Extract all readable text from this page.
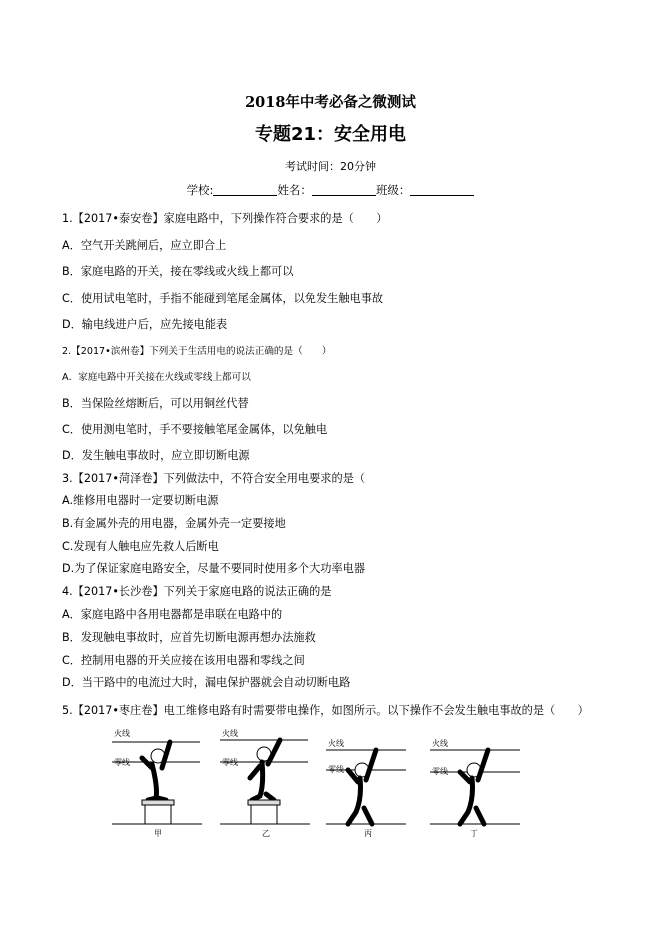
2018年中考必备之微测试
专题21：安全用电
考试时间：20分钟
学校:	姓名：	班级：
1.【2017•泰安卷】家庭电路中，下列操作符合要求的是（　　）
A．空气开关跳闸后，应立即合上
B．家庭电路的开关，接在零线或火线上都可以
C．使用试电笔时，手指不能碰到笔尾金属体，以免发生触电事故
D．输电线进户后，应先接电能表
2.【2017•滨州卷】下列关于生活用电的说法正确的是（　　）
A．家庭电路中开关接在火线或零线上都可以
B．当保险丝熔断后，可以用铜丝代替
C．使用测电笔时，手不要接触笔尾金属体，以免触电
D．发生触电事故时，应立即切断电源
3.【2017•菏泽卷】下列做法中，不符合安全用电要求的是（
A.维修用电器时一定要切断电源
B.有金属外壳的用电器，金属外壳一定要接地
C.发现有人触电应先救人后断电
D.为了保证家庭电路安全，尽量不要同时使用多个大功率电器
4.【2017•长沙卷】下列关于家庭电路的说法正确的是
A．家庭电路中各用电器都是串联在电路中的
B．发现触电事故时，应首先切断电源再想办法施救
C．控制用电器的开关应接在该用电器和零线之间
D．当干路中的电流过大时，漏电保护器就会自动切断电路
5.【2017•枣庄卷】电工维修电路有时需要带电操作，如图所示。以下操作不会发生触电事故的是（　　）
火线
零线
火线
零线
火线
零线
火线
零线
甲	乙	丙	丁
